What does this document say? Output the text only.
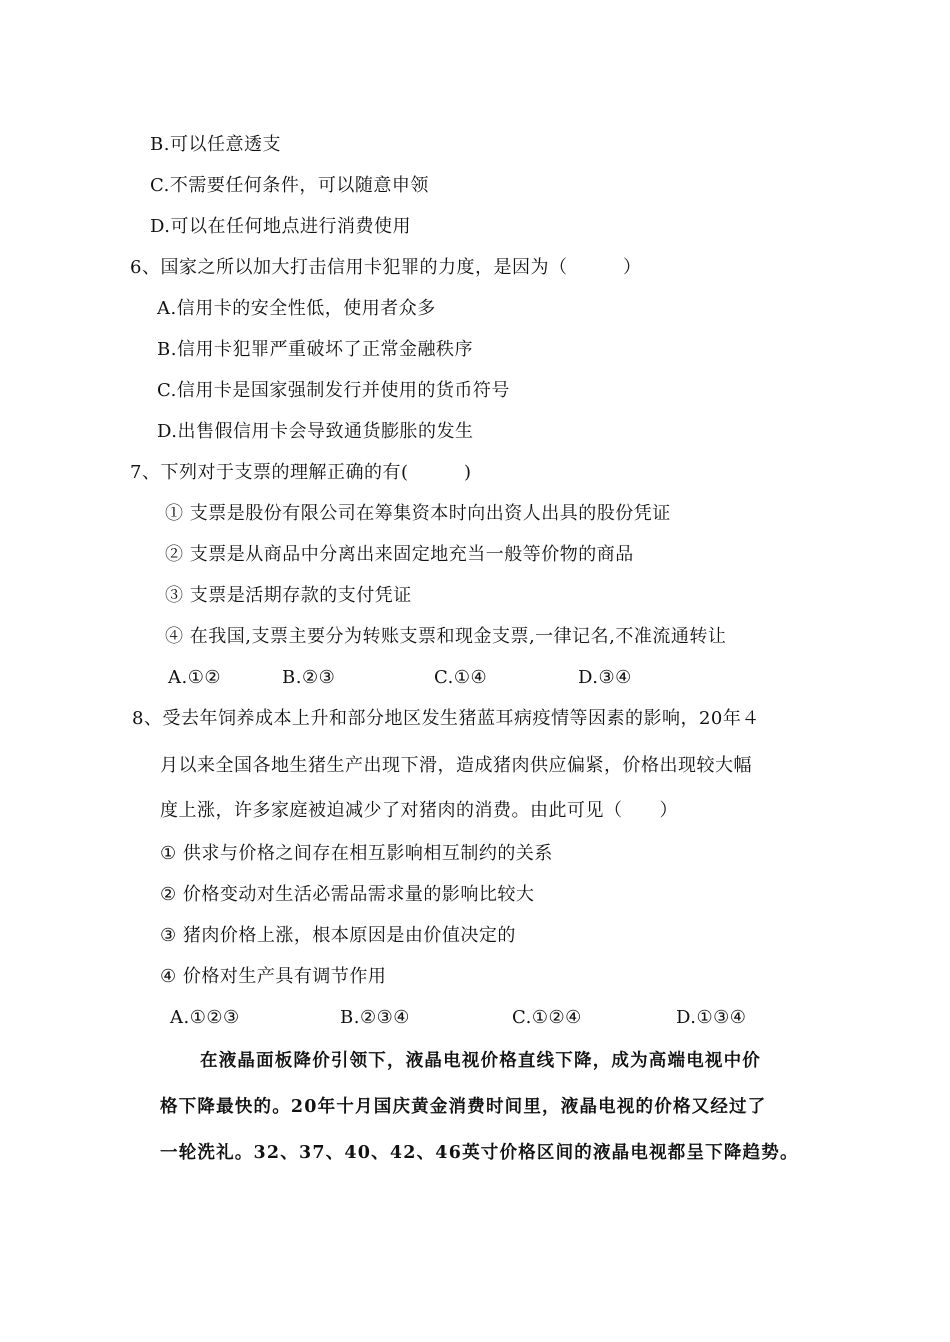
B.可以任意透支
C.不需要任何条件，可以随意申领
D.可以在任何地点进行消费使用
6、国家之所以加大打击信用卡犯罪的力度，是因为（　　　）
A.信用卡的安全性低，使用者众多
B.信用卡犯罪严重破坏了正常金融秩序
C.信用卡是国家强制发行并使用的货币符号
D.出售假信用卡会导致通货膨胀的发生
7、下列对于支票的理解正确的有(　　　)
① 支票是股份有限公司在筹集资本时向出资人出具的股份凭证
② 支票是从商品中分离出来固定地充当一般等价物的商品
③ 支票是活期存款的支付凭证
④ 在我国,支票主要分为转账支票和现金支票,一律记名,不准流通转让
A.①②	B.②③	C.①④	D.③④
8、受去年饲养成本上升和部分地区发生猪蓝耳病疫情等因素的影响，20年４
月以来全国各地生猪生产出现下滑，造成猪肉供应偏紧，价格出现较大幅
度上涨，许多家庭被迫减少了对猪肉的消费。由此可见（　　）
① 供求与价格之间存在相互影响相互制约的关系
② 价格变动对生活必需品需求量的影响比较大
③ 猪肉价格上涨，根本原因是由价值决定的
④ 价格对生产具有调节作用
A.①②③	B.②③④	C.①②④	D.①③④
在液晶面板降价引领下，液晶电视价格直线下降，成为高端电视中价
格下降最快的。20年十月国庆黄金消费时间里，液晶电视的价格又经过了
一轮洗礼。32、37、40、42、46英寸价格区间的液晶电视都呈下降趋势。
